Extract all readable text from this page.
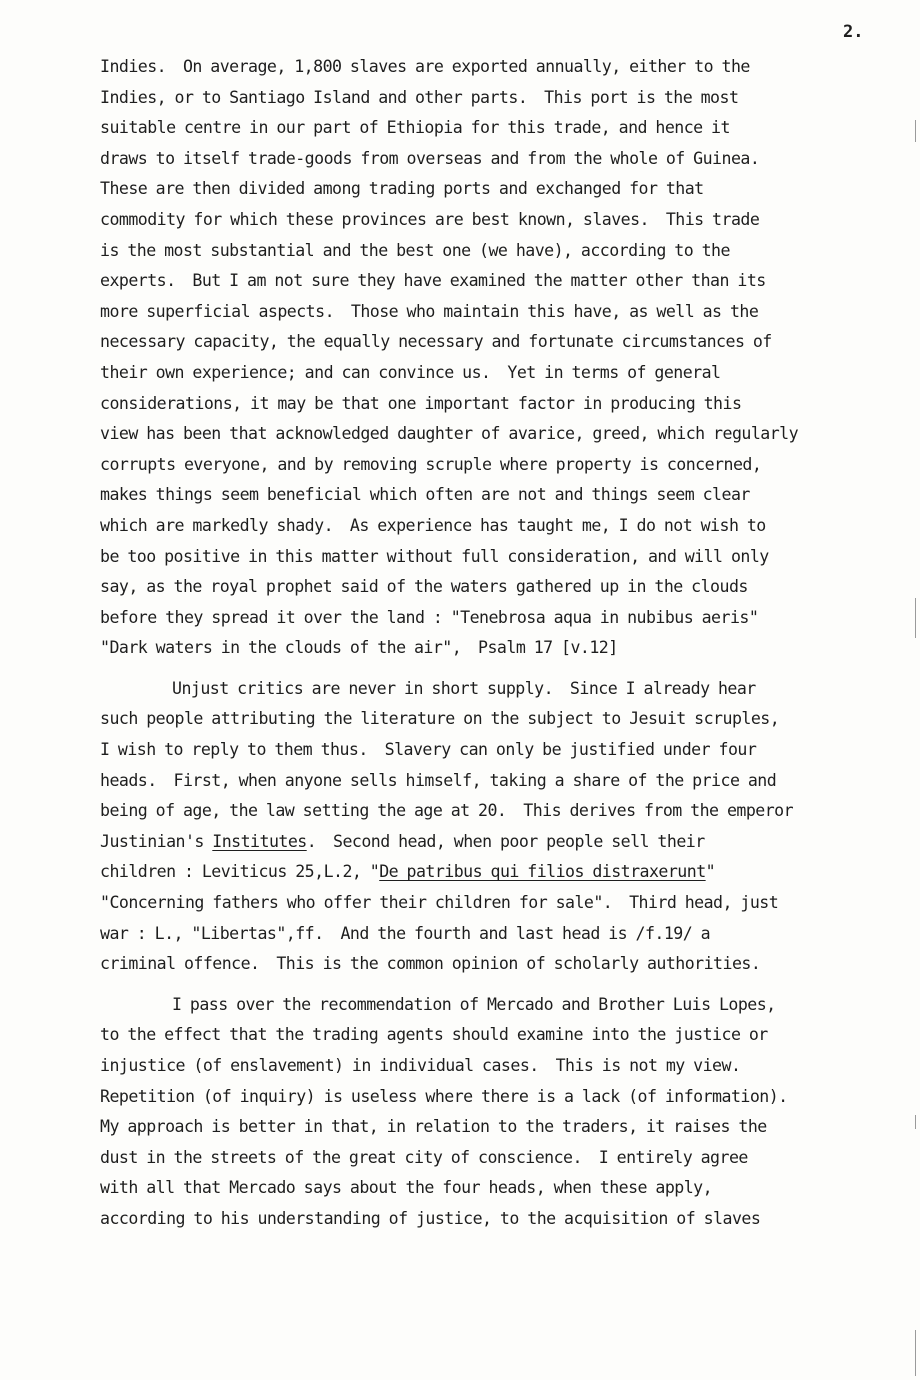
2.
Indies.  On average, 1,800 slaves are exported annually, either to the
Indies, or to Santiago Island and other parts.  This port is the most
suitable centre in our part of Ethiopia for this trade, and hence it
draws to itself trade-goods from overseas and from the whole of Guinea.
These are then divided among trading ports and exchanged for that
commodity for which these provinces are best known, slaves.  This trade
is the most substantial and the best one (we have), according to the
experts.  But I am not sure they have examined the matter other than its
more superficial aspects.  Those who maintain this have, as well as the
necessary capacity, the equally necessary and fortunate circumstances of
their own experience; and can convince us.  Yet in terms of general
considerations, it may be that one important factor in producing this
view has been that acknowledged daughter of avarice, greed, which regularly
corrupts everyone, and by removing scruple where property is concerned,
makes things seem beneficial which often are not and things seem clear
which are markedly shady.  As experience has taught me, I do not wish to
be too positive in this matter without full consideration, and will only
say, as the royal prophet said of the waters gathered up in the clouds
before they spread it over the land : "Tenebrosa aqua in nubibus aeris"
"Dark waters in the clouds of the air",  Psalm 17 [v.12]
Unjust critics are never in short supply.  Since I already hear
such people attributing the literature on the subject to Jesuit scruples,
I wish to reply to them thus.  Slavery can only be justified under four
heads.  First, when anyone sells himself, taking a share of the price and
being of age, the law setting the age at 20.  This derives from the emperor
Justinian's Institutes.  Second head, when poor people sell their
children : Leviticus 25,L.2, "De patribus qui filios distraxerunt"
"Concerning fathers who offer their children for sale".  Third head, just
war : L., "Libertas",ff.  And the fourth and last head is /f.19/ a
criminal offence.  This is the common opinion of scholarly authorities.
I pass over the recommendation of Mercado and Brother Luis Lopes,
to the effect that the trading agents should examine into the justice or
injustice (of enslavement) in individual cases.  This is not my view.
Repetition (of inquiry) is useless where there is a lack (of information).
My approach is better in that, in relation to the traders, it raises the
dust in the streets of the great city of conscience.  I entirely agree
with all that Mercado says about the four heads, when these apply,
according to his understanding of justice, to the acquisition of slaves
